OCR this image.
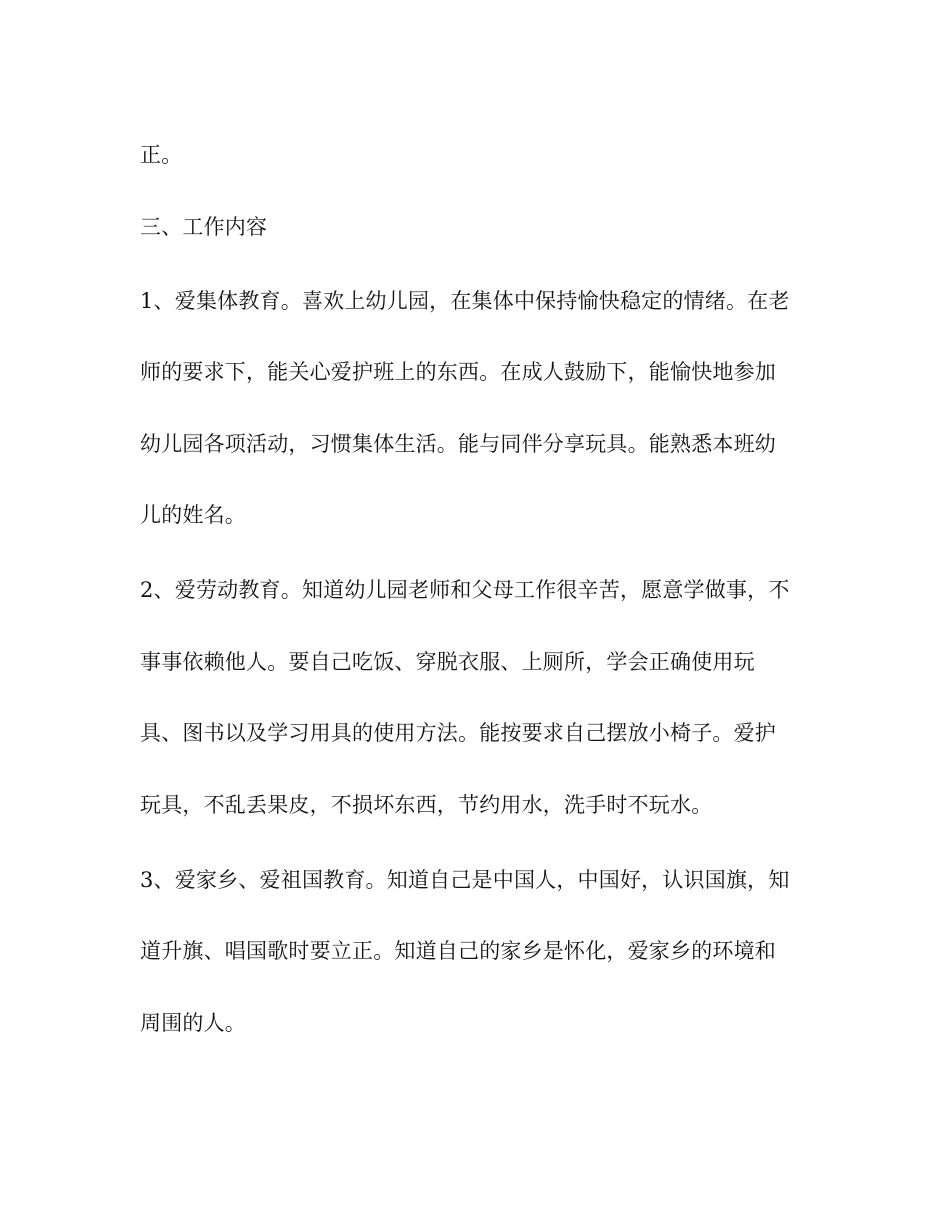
正。
三、工作内容
1、爱集体教育。喜欢上幼儿园，在集体中保持愉快稳定的情绪。在老
师的要求下，能关心爱护班上的东西。在成人鼓励下，能愉快地参加
幼儿园各项活动，习惯集体生活。能与同伴分享玩具。能熟悉本班幼
儿的姓名。
2、爱劳动教育。知道幼儿园老师和父母工作很辛苦，愿意学做事，不
事事依赖他人。要自己吃饭、穿脱衣服、上厕所，学会正确使用玩
具、图书以及学习用具的使用方法。能按要求自己摆放小椅子。爱护
玩具，不乱丢果皮，不损坏东西，节约用水，洗手时不玩水。
3、爱家乡、爱祖国教育。知道自己是中国人，中国好，认识国旗，知
道升旗、唱国歌时要立正。知道自己的家乡是怀化，爱家乡的环境和
周围的人。
